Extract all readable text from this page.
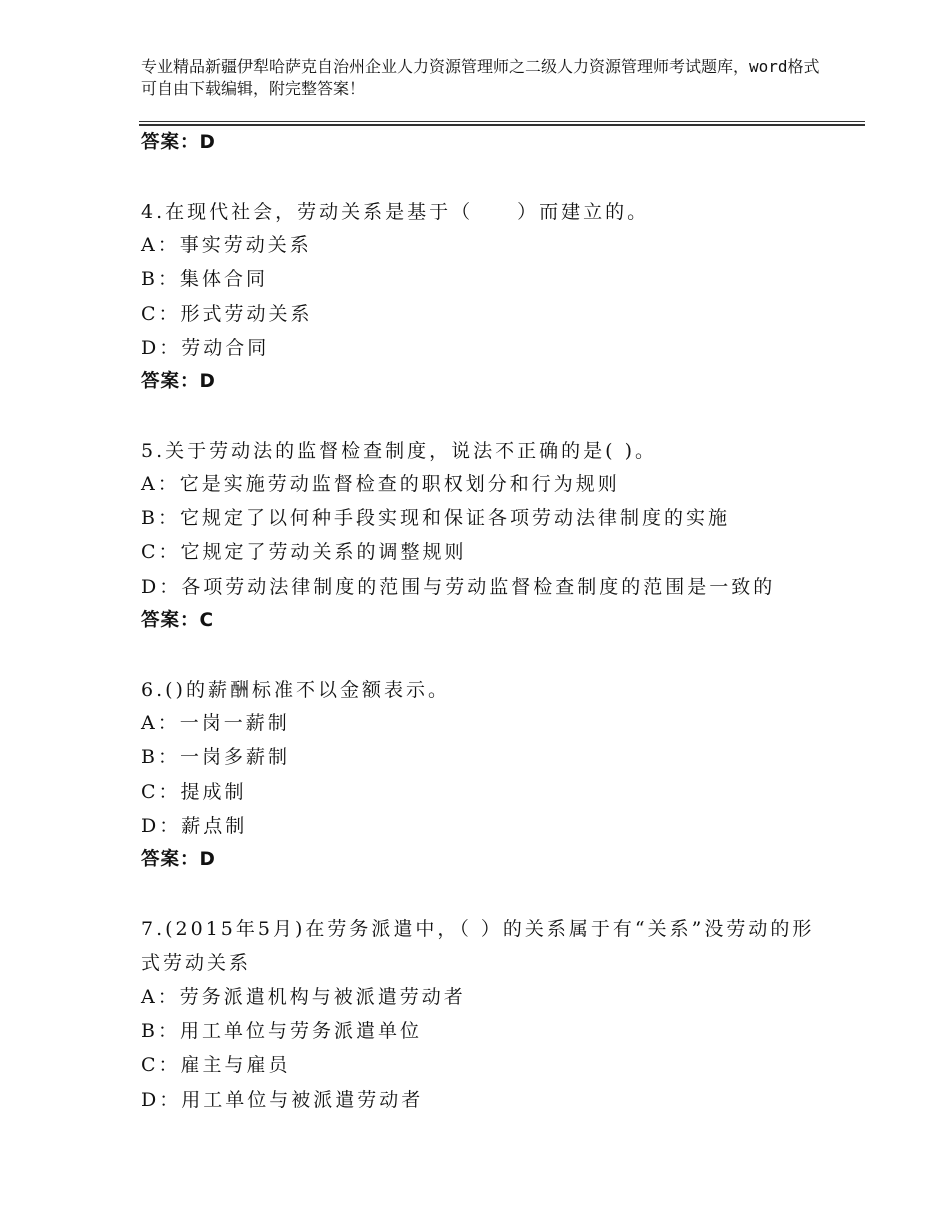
专业精品新疆伊犁哈萨克自治州企业人力资源管理师之二级人力资源管理师考试题库，word格式可自由下载编辑，附完整答案！
答案：D
4.在现代社会，劳动关系是基于（　　）而建立的。
A：事实劳动关系
B：集体合同
C：形式劳动关系
D：劳动合同
答案：D
5.关于劳动法的监督检查制度，说法不正确的是( )。
A：它是实施劳动监督检查的职权划分和行为规则
B：它规定了以何种手段实现和保证各项劳动法律制度的实施
C：它规定了劳动关系的调整规则
D：各项劳动法律制度的范围与劳动监督检查制度的范围是一致的
答案：C
6.()的薪酬标准不以金额表示。
A：一岗一薪制
B：一岗多薪制
C：提成制
D：薪点制
答案：D
7.(2015年5月)在劳务派遣中，（ ）的关系属于有“关系”没劳动的形式劳动关系
A：劳务派遣机构与被派遣劳动者
B：用工单位与劳务派遣单位
C：雇主与雇员
D：用工单位与被派遣劳动者
